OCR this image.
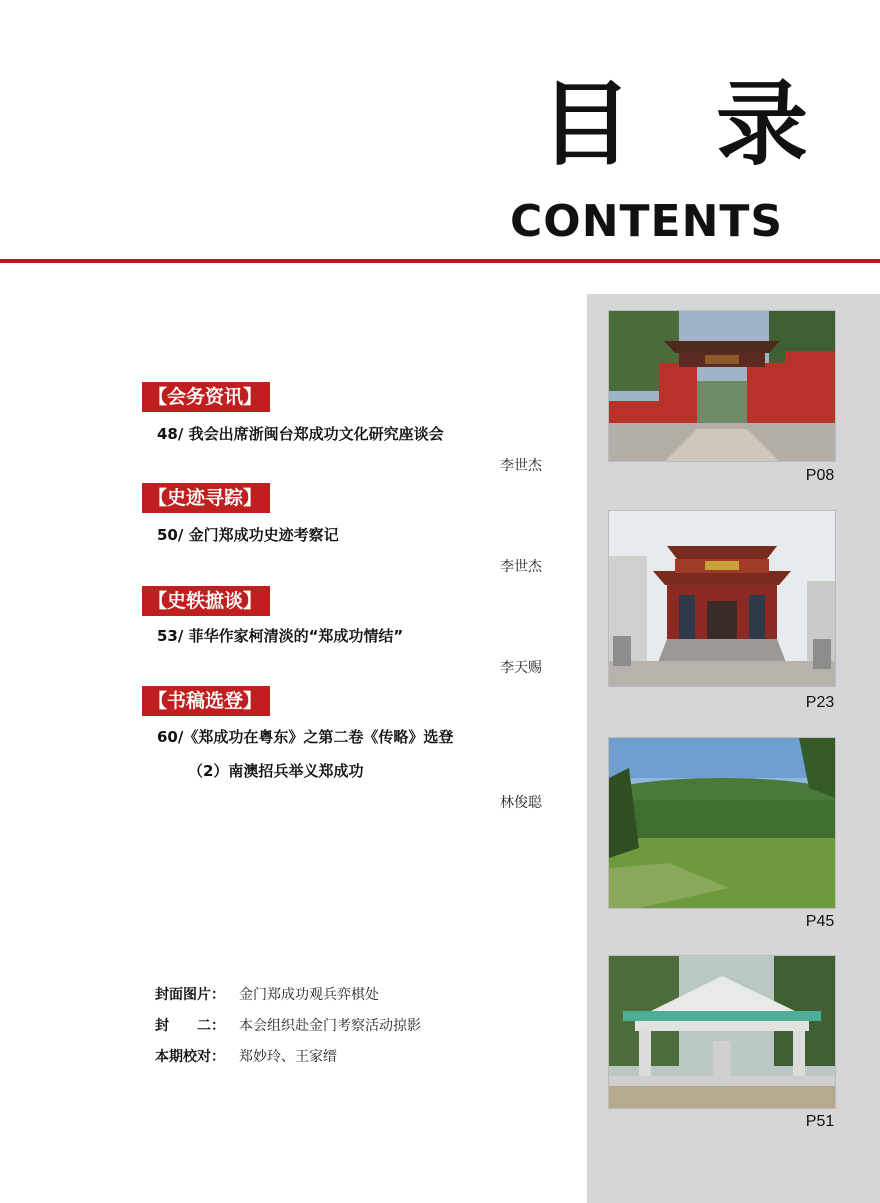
目 录
CONTENTS
P08
P23
P45
P51
【会务资讯】
48/ 我会出席浙闽台郑成功文化研究座谈会
李世杰
【史迹寻踪】
50/ 金门郑成功史迹考察记
李世杰
【史轶摭谈】
53/ 菲华作家柯清淡的“郑成功情结”
李天赐
【书稿选登】
60/《郑成功在粤东》之第二卷《传略》选登
（2）南澳招兵举义郑成功
林俊聪
封面图片： 金门郑成功观兵弈棋处
封　　二： 本会组织赴金门考察活动掠影
本期校对： 郑妙玲、王家缙
